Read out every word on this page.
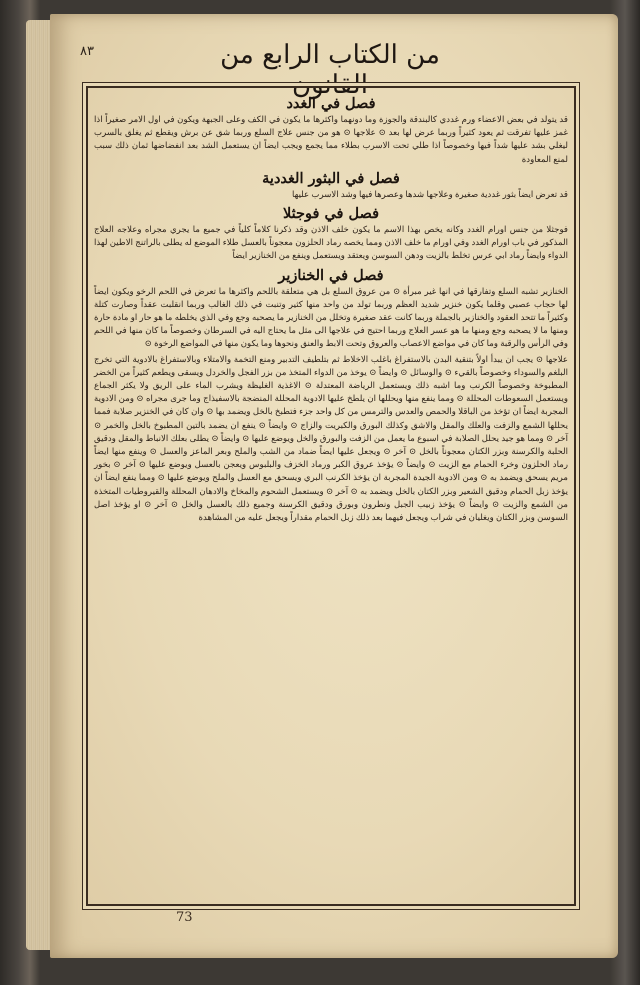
٨٣	من الكتاب الرابع من القانون
فصل في الغدد

قد يتولد في بعض الاعضاء ورم غددي كالبندقة والجوزة وما دونهما واكثرها ما يكون في الكف وعلى الجبهة ويكون في اول الامر صغيراً اذا غمز عليها تفرقت ثم يعود كثيراً وربما عرض لها بعد ⊙ علاجها ⊙ هو من جنس علاج السلع وربما شق عن برش ويقطع ثم يغلق بالسرب ليغلي بشد عليها شداً فيها وخصوصاً اذا طلي تحت الاسرب بطلاء مما يجمع ويجب ايضاً ان يستعمل الشد بعد انفضاضها ثمان ذلك سبب لمنع المعاودة

فصل في البثور الغددية

قد تعرض ايضاً بثور غددية صغيرة وعلاجها شدها وعصرها فيها وشد الاسرب عليها

فصل في فوجثلا

فوجثلا من جنس اورام الغدد وكانه يخص بهذا الاسم ما يكون خلف الاذن وقد ذكرنا كلاماً كلياً في جميع ما يجري مجراه وعلاجه العلاج المذكور في باب اورام الغدد وفي اورام ما خلف الاذن ومما يخصه رماد الحلزون معجوناً بالعسل طلاء الموضع له يطلى بالراتنج الاطين لهذا الدواء وايضاً رماد ابي عرس تخلط بالزيت ودهن السوسن ويعتقد ويستعمل وينفع من الخنازير ايضاً

فصل في الخنازير

الخنازير تشبه السلع وتفارقها في انها غير مبرأة ⊙ من عروق السلع بل هي متعلقة باللحم واكثرها ما تعرض في اللحم الرخو ويكون ايضاً لها حجاب عصبي وقلما يكون خنزير شديد العظم وربما تولد من واحد منها كثير وتنبت في ذلك الغالب وربما انقلبت عقداً وصارت كتلة وكثيراً ما تتحد العقود والخنازير بالجملة وربما كانت عقد صغيرة وتخلل من الخنازير ما يصحبه وجع وفي الذي يخلطه ما هو حار او مادة حارة ومنها ما لا يصحبه وجع ومنها ما هو عسر العلاج وربما احتيج في علاجها الى مثل ما يحتاج اليه في السرطان وخصوصاً ما كان منها في اللحم وفي الرأس والرقبة وما كان في مواضع الاعصاب والعروق وتحت الابط والعنق ونحوها وما يكون منها في المواضع الرخوة ⊙

علاجها ⊙ يجب ان يبدأ اولاً بتنقية البدن بالاستفراغ باغلب الاخلاط ثم بتلطيف التدبير ومنع التخمة والامتلاء وبالاستفراغ بالادوية التي تخرج البلغم والسوداء وخصوصاً بالقيء ⊙ والوسائل ⊙ وايضاً ⊙ يوخذ من الدواء المتخذ من بزر الفجل والخردل ويسقى ويطعم كثيراً من الخضر المطبوخة وخصوصاً الكرنب وما اشبه ذلك ويستعمل الرياضة المعتدلة ⊙ الاغذية الغليظة ويشرب الماء على الريق ولا يكثر الجماع ويستعمل السعوطات المحللة ⊙ ومما ينفع منها ويحللها ان يلطخ عليها الادوية المحللة المنضجة بالاسفيذاج وما جرى مجراه ⊙ ومن الادوية المجربة ايضاً ان تؤخذ من الباقلا والحمص والعدس والترمس من كل واحد جزء فتطبخ بالخل ويضمد بها ⊙ وان كان في الخنزير صلابة فمما يحللها الشمع والزفت والعلك والمقل والاشق وكذلك البورق والكبريت والزاج ⊙ وايضاً ⊙ ينفع ان يضمد بالتين المطبوخ بالخل والخمر ⊙ آخر ⊙ ومما هو جيد يحلل الصلابة في اسبوع ما يعمل من الزفت والبورق والخل ويوضع عليها ⊙ وايضاً ⊙ يطلى بعلك الانباط والمقل ودقيق الحلبة والكرسنة وبزر الكتان معجوناً بالخل ⊙ آخر ⊙ ويجعل عليها ايضاً ضماد من الشب والملح وبعر الماعز والعسل ⊙ وينفع منها ايضاً رماد الحلزون وخرء الحمام مع الزيت ⊙ وايضاً ⊙ يؤخذ عروق الكبر ورماد الخزف والبلبوس ويعجن بالعسل ويوضع عليها ⊙ آخر ⊙ بخور مريم يسحق ويضمد به ⊙ ومن الادوية الجيدة المجربة ان يؤخذ الكرنب البري ويسحق مع العسل والملح ويوضع عليها ⊙ ومما ينفع ايضاً ان يؤخذ زبل الحمام ودقيق الشعير وبزر الكتان بالخل ويضمد به ⊙ آخر ⊙ ويستعمل الشحوم والمخاخ والادهان المحللة والقيروطيات المتخذة من الشمع والزيت ⊙ وايضاً ⊙ يؤخذ زبيب الجبل ونطرون وبورق ودقيق الكرسنة وجميع ذلك بالعسل والخل ⊙ آخر ⊙ او يؤخذ اصل السوسن وبزر الكتان ويغليان في شراب ويجعل فيهما بعد ذلك زبل الحمام مقداراً ويجعل عليه من المشاهدة

73
